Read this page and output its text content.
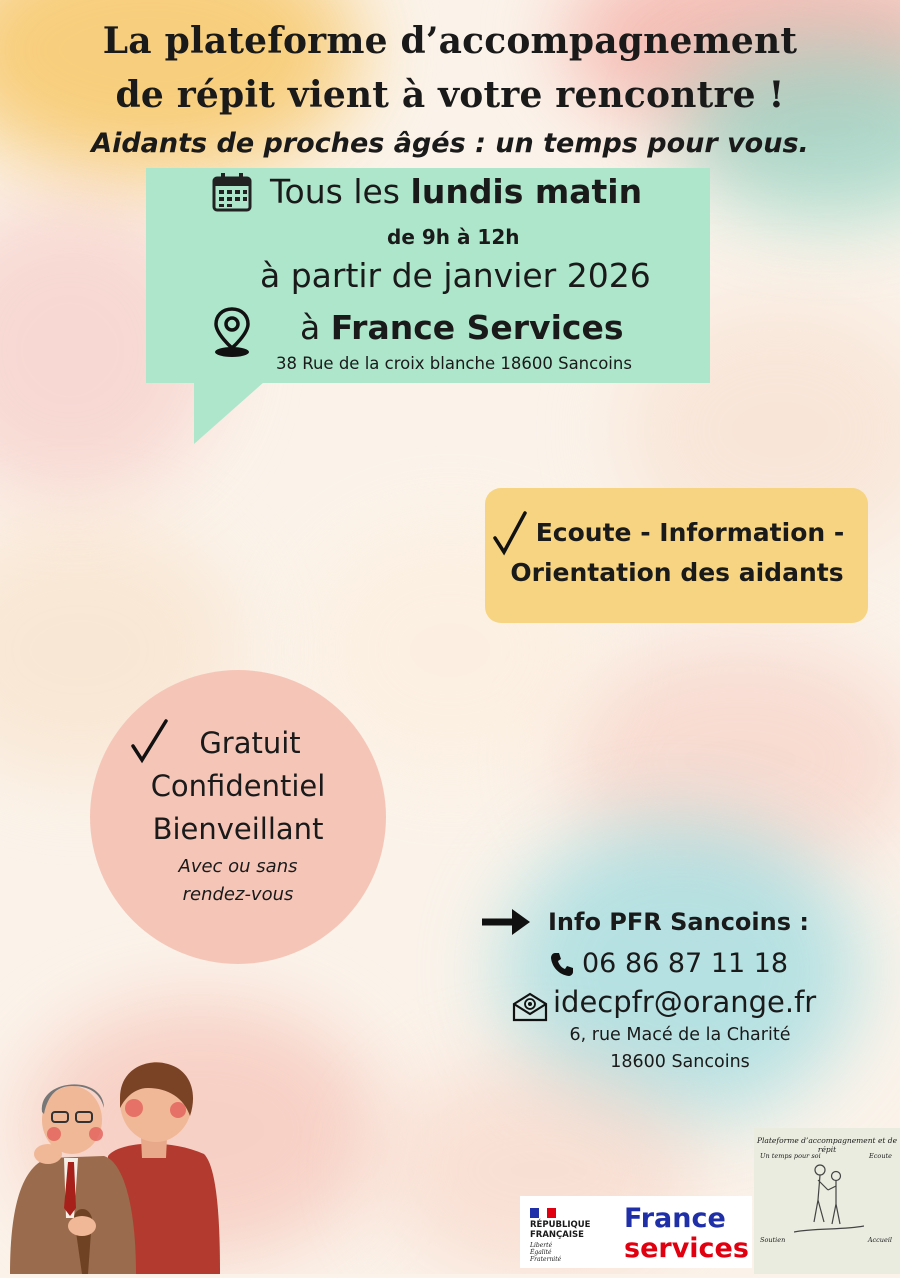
La plateforme d’accompagnement
de répit vient à votre rencontre !
Aidants de proches âgés : un temps pour vous.
Tous les lundis matin
de 9h à 12h
à partir de janvier 2026
à France Services
38 Rue de la croix blanche 18600 Sancoins
Ecoute - Information -
Orientation des aidants
Gratuit
Confidentiel
Bienveillant
Avec ou sans
rendez-vous
Info PFR Sancoins :
06 86 87 11 18
idecpfr@orange.fr
6, rue Macé de la Charité
18600 Sancoins
RÉPUBLIQUE
FRANÇAISE
Liberté
Égalité
Fraternité
France
services
Plateforme d’accompagnement et de répit
Un temps pour soi	Ecoute
Soutien	Accueil
